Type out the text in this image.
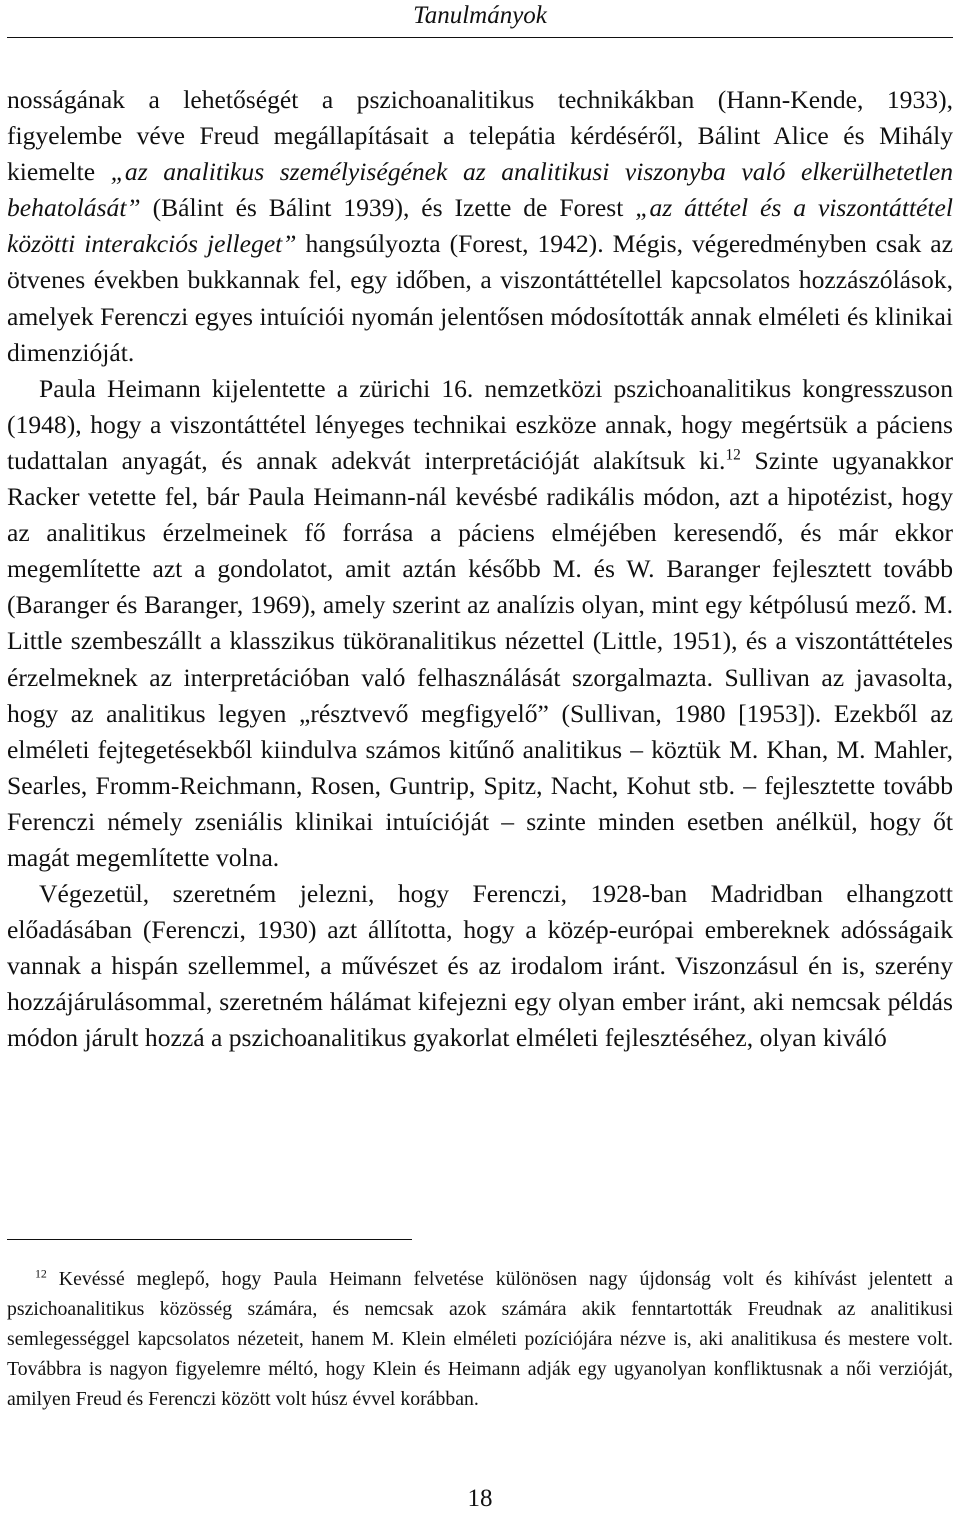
Tanulmányok

nosságának a lehetőségét a pszichoanalitikus technikákban (Hann-Kende, 1933), figyelembe véve Freud megállapításait a telepátia kérdéséről, Bálint Alice és Mihály kiemelte „az analitikus személyiségének az analitikusi viszonyba való elkerülhetetlen behatolását” (Bálint és Bálint 1939), és Izette de Forest „az áttétel és a viszontáttétel közötti interakciós jelleget” hangsúlyozta (Forest, 1942). Mégis, végeredményben csak az ötvenes években bukkannak fel, egy időben, a viszontáttétellel kapcsolatos hozzászólások, amelyek Ferenczi egyes intuíciói nyomán jelentősen módosították annak elméleti és klinikai dimenzióját.

Paula Heimann kijelentette a zürichi 16. nemzetközi pszichoanalitikus kongresszuson (1948), hogy a viszontáttétel lényeges technikai eszköze annak, hogy megértsük a páciens tudattalan anyagát, és annak adekvát interpretációját alakítsuk ki.$^{12}$ Szinte ugyanakkor Racker vetette fel, bár Paula Heimann-nál kevésbé radikális módon, azt a hipotézist, hogy az analitikus érzelmeinek fő forrása a páciens elméjében keresendő, és már ekkor megemlítette azt a gondolatot, amit aztán később M. és W. Baranger fejlesztett tovább (Baranger és Baranger, 1969), amely szerint az analízis olyan, mint egy kétpólusú mező. M. Little szembeszállt a klasszikus tüköranalitikus nézettel (Little, 1951), és a viszontáttételes érzelmeknek az interpretációban való felhasználását szorgalmazta. Sullivan az javasolta, hogy az analitikus legyen „résztvevő megfigyelő” (Sullivan, 1980 [1953]). Ezekből az elméleti fejtegetésekből kiindulva számos kitűnő analitikus – köztük M. Khan, M. Mahler, Searles, Fromm-Reichmann, Rosen, Guntrip, Spitz, Nacht, Kohut stb. – fejlesztette tovább Ferenczi némely zseniális klinikai intuícióját – szinte minden esetben anélkül, hogy őt magát megemlítette volna.

Végezetül, szeretném jelezni, hogy Ferenczi, 1928-ban Madridban elhangzott előadásában (Ferenczi, 1930) azt állította, hogy a közép-európai embereknek adósságaik vannak a hispán szellemmel, a művészet és az irodalom iránt. Viszonzásul én is, szerény hozzájárulásommal, szeretném hálámat kifejezni egy olyan ember iránt, aki nemcsak példás módon járult hozzá a pszichoanalitikus gyakorlat elméleti fejlesztéséhez, olyan kiváló

$^{12}$ Kevéssé meglepő, hogy Paula Heimann felvetése különösen nagy újdonság volt és kihívást jelentett a pszichoanalitikus közösség számára, és nemcsak azok számára akik fenntartották Freudnak az analitikusi semlegességgel kapcsolatos nézeteit, hanem M. Klein elméleti pozíciójára nézve is, aki analitikusa és mestere volt. Továbbra is nagyon figyelemre méltó, hogy Klein és Heimann adják egy ugyanolyan konfliktusnak a női verzióját, amilyen Freud és Ferenczi között volt húsz évvel korábban.

18
